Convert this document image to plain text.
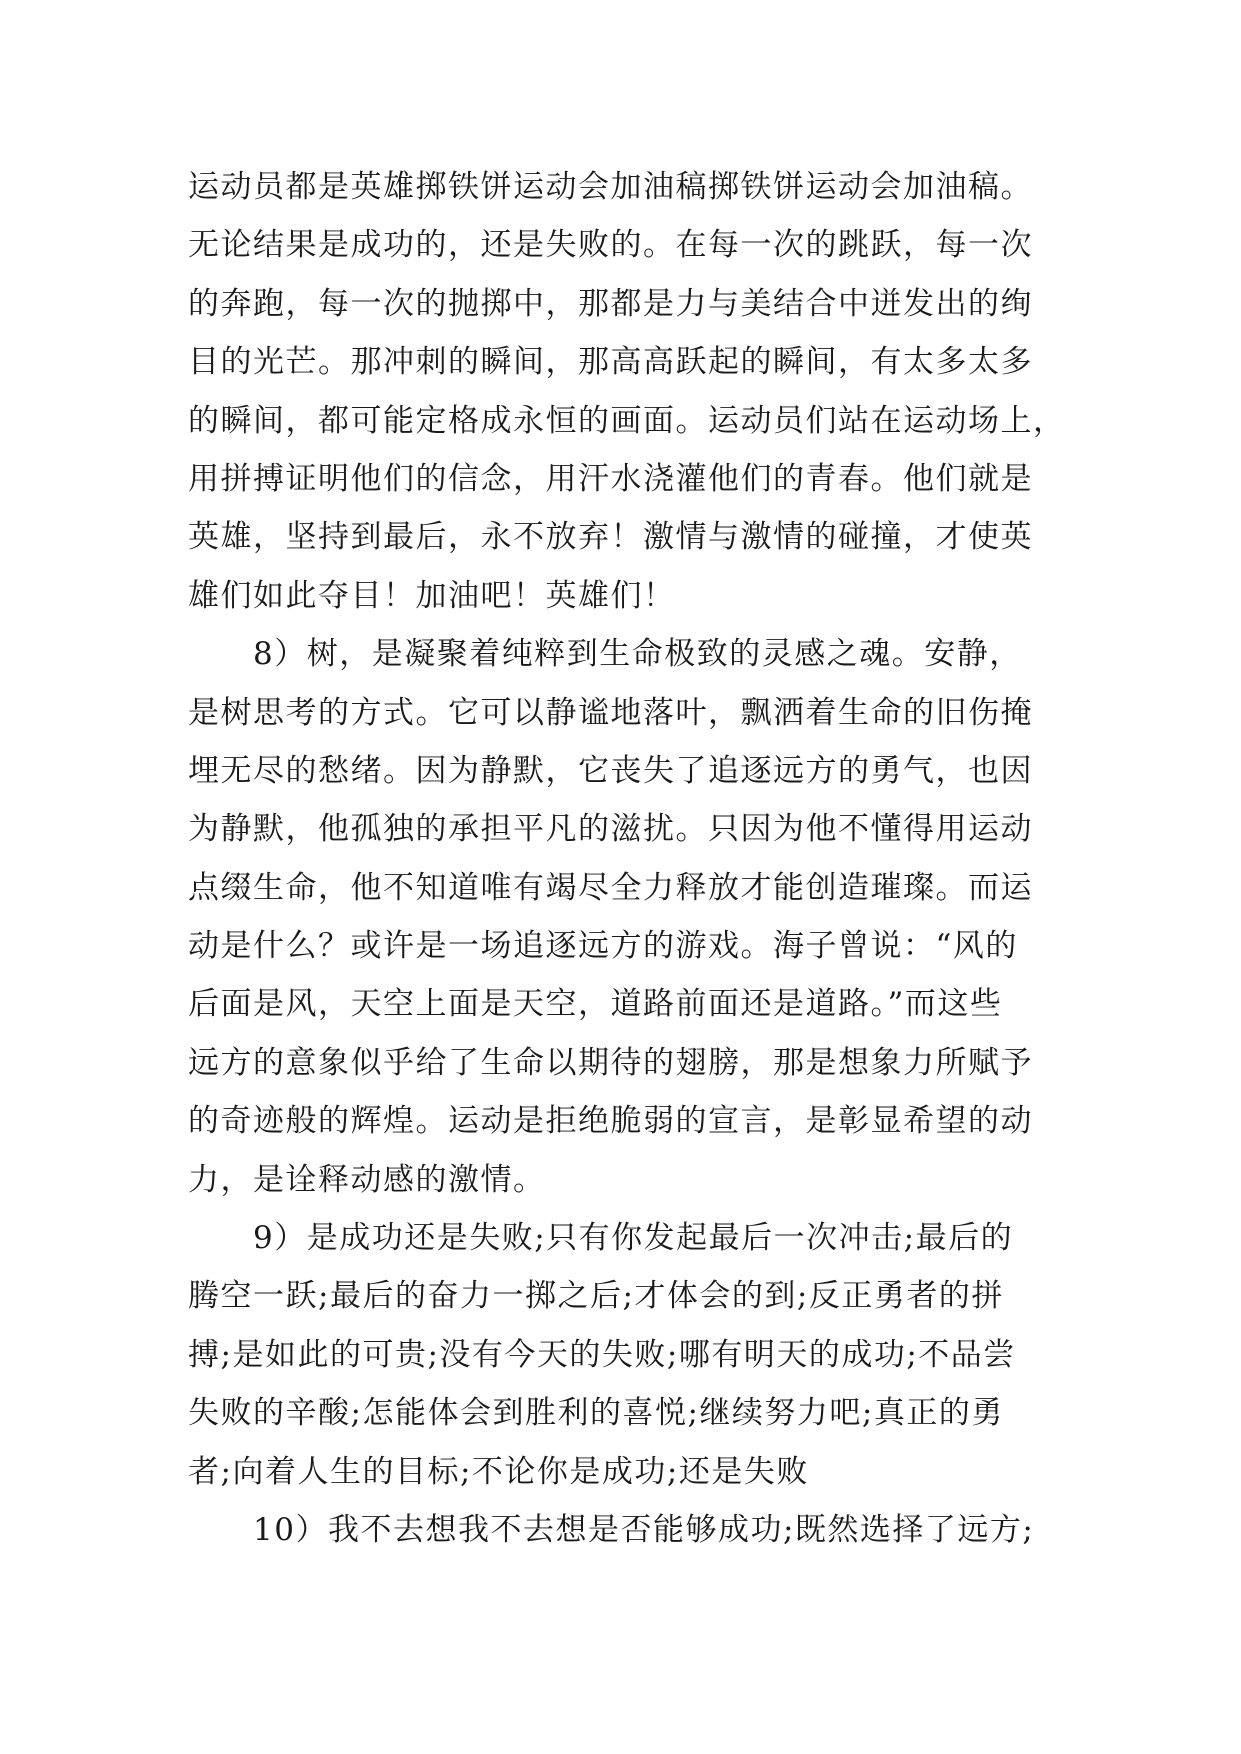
运动员都是英雄掷铁饼运动会加油稿掷铁饼运动会加油稿。
无论结果是成功的，还是失败的。在每一次的跳跃，每一次
的奔跑，每一次的抛掷中，那都是力与美结合中迸发出的绚
目的光芒。那冲刺的瞬间，那高高跃起的瞬间，有太多太多
的瞬间，都可能定格成永恒的画面。运动员们站在运动场上，
用拼搏证明他们的信念，用汗水浇灌他们的青春。他们就是
英雄，坚持到最后，永不放弃！激情与激情的碰撞，才使英
雄们如此夺目！加油吧！英雄们！
　　8）树，是凝聚着纯粹到生命极致的灵感之魂。安静，
是树思考的方式。它可以静谧地落叶，飘洒着生命的旧伤掩
埋无尽的愁绪。因为静默，它丧失了追逐远方的勇气，也因
为静默，他孤独的承担平凡的滋扰。只因为他不懂得用运动
点缀生命，他不知道唯有竭尽全力释放才能创造璀璨。而运
动是什么？或许是一场追逐远方的游戏。海子曾说：“风的
后面是风，天空上面是天空，道路前面还是道路。”而这些
远方的意象似乎给了生命以期待的翅膀，那是想象力所赋予
的奇迹般的辉煌。运动是拒绝脆弱的宣言，是彰显希望的动
力，是诠释动感的激情。
　　9）是成功还是失败;只有你发起最后一次冲击;最后的
腾空一跃;最后的奋力一掷之后;才体会的到;反正勇者的拼
搏;是如此的可贵;没有今天的失败;哪有明天的成功;不品尝
失败的辛酸;怎能体会到胜利的喜悦;继续努力吧;真正的勇
者;向着人生的目标;不论你是成功;还是失败
　　10）我不去想我不去想是否能够成功;既然选择了远方;
